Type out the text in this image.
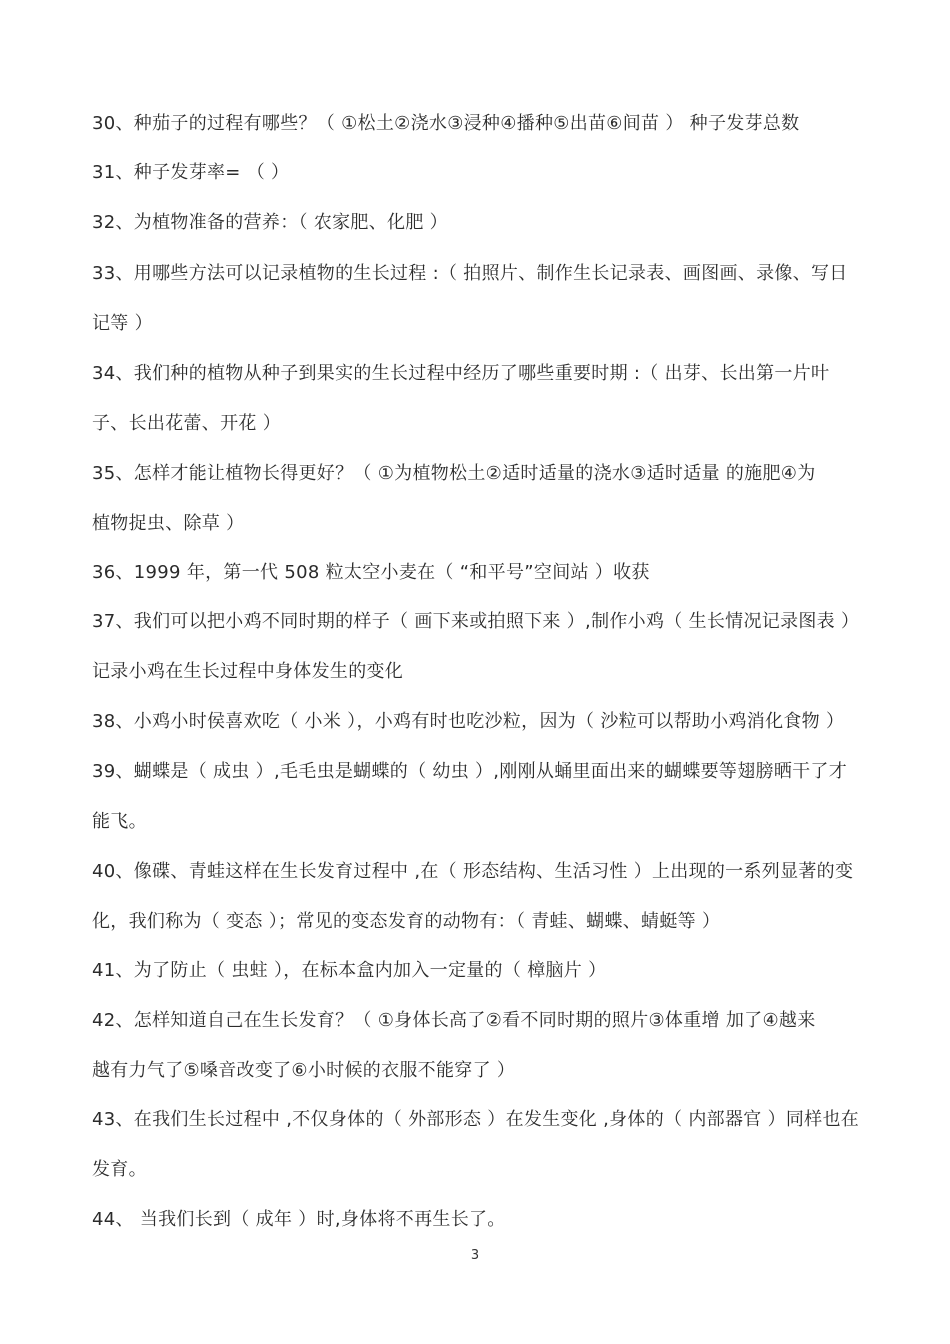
30、种茄子的过程有哪些？（ ①松土②浇水③浸种④播种⑤出苗⑥间苗 ） 种子发芽总数
31、种子发芽率= （ ）
32、为植物准备的营养：（ 农家肥、化肥 ）
33、用哪些方法可以记录植物的生长过程 :（ 拍照片、制作生长记录表、画图画、录像、写日
记等 ）
34、我们种的植物从种子到果实的生长过程中经历了哪些重要时期 :（ 出芽、长出第一片叶
子、长出花蕾、开花 ）
35、怎样才能让植物长得更好？（ ①为植物松土②适时适量的浇水③适时适量 的施肥④为
植物捉虫、除草 ）
36、1999 年，第一代 508 粒太空小麦在（ “和平号”空间站 ）收获
37、我们可以把小鸡不同时期的样子（ 画下来或拍照下来 ）,制作小鸡（ 生长情况记录图表 ）
记录小鸡在生长过程中身体发生的变化
38、小鸡小时侯喜欢吃（ 小米 ），小鸡有时也吃沙粒，因为（ 沙粒可以帮助小鸡消化食物 ）
39、蝴蝶是（ 成虫 ）,毛毛虫是蝴蝶的（ 幼虫 ）,刚刚从蛹里面出来的蝴蝶要等翅膀晒干了才
能飞。
40、像碟、青蛙这样在生长发育过程中 ,在（ 形态结构、生活习性 ）上出现的一系列显著的变
化，我们称为（ 变态 ）；常见的变态发育的动物有：（ 青蛙、蝴蝶、蜻蜓等 ）
41、为了防止（ 虫蛀 ），在标本盒内加入一定量的（ 樟脑片 ）
42、怎样知道自己在生长发育？（ ①身体长高了②看不同时期的照片③体重增 加了④越来
越有力气了⑤嗓音改变了⑥小时候的衣服不能穿了 ）
43、在我们生长过程中 ,不仅身体的（ 外部形态 ）在发生变化 ,身体的（ 内部器官 ）同样也在
发育。
44、 当我们长到（ 成年 ）时,身体将不再生长了。
3
